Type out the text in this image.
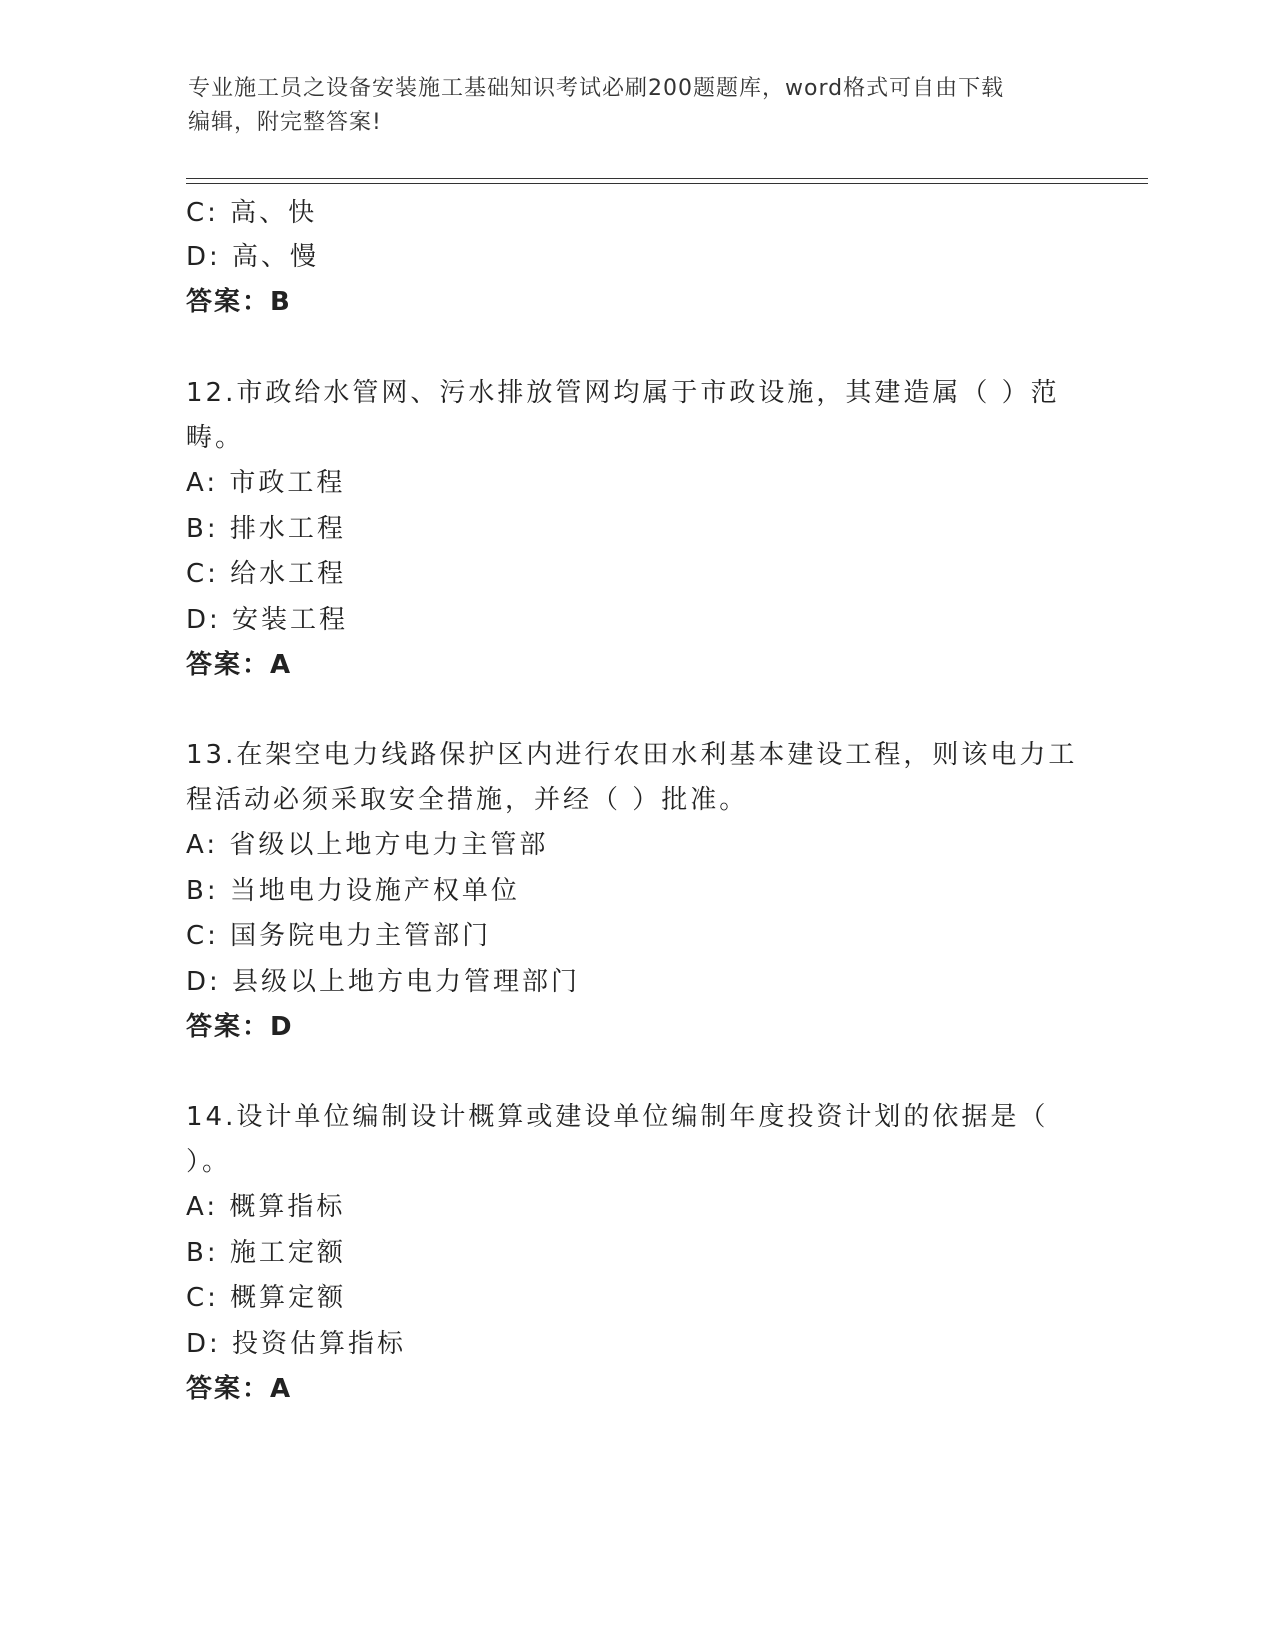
专业施工员之设备安装施工基础知识考试必刷200题题库，word格式可自由下载
编辑，附完整答案!
C: 高、快
D: 高、慢
答案：B
12.市政给水管网、污水排放管网均属于市政设施，其建造属（ ）范
畴。
A: 市政工程
B: 排水工程
C: 给水工程
D: 安装工程
答案：A
13.在架空电力线路保护区内进行农田水利基本建设工程，则该电力工
程活动必须采取安全措施，并经（ ）批准。
A: 省级以上地方电力主管部
B: 当地电力设施产权单位
C: 国务院电力主管部门
D: 县级以上地方电力管理部门
答案：D
14.设计单位编制设计概算或建设单位编制年度投资计划的依据是（
）。
A: 概算指标
B: 施工定额
C: 概算定额
D: 投资估算指标
答案：A
